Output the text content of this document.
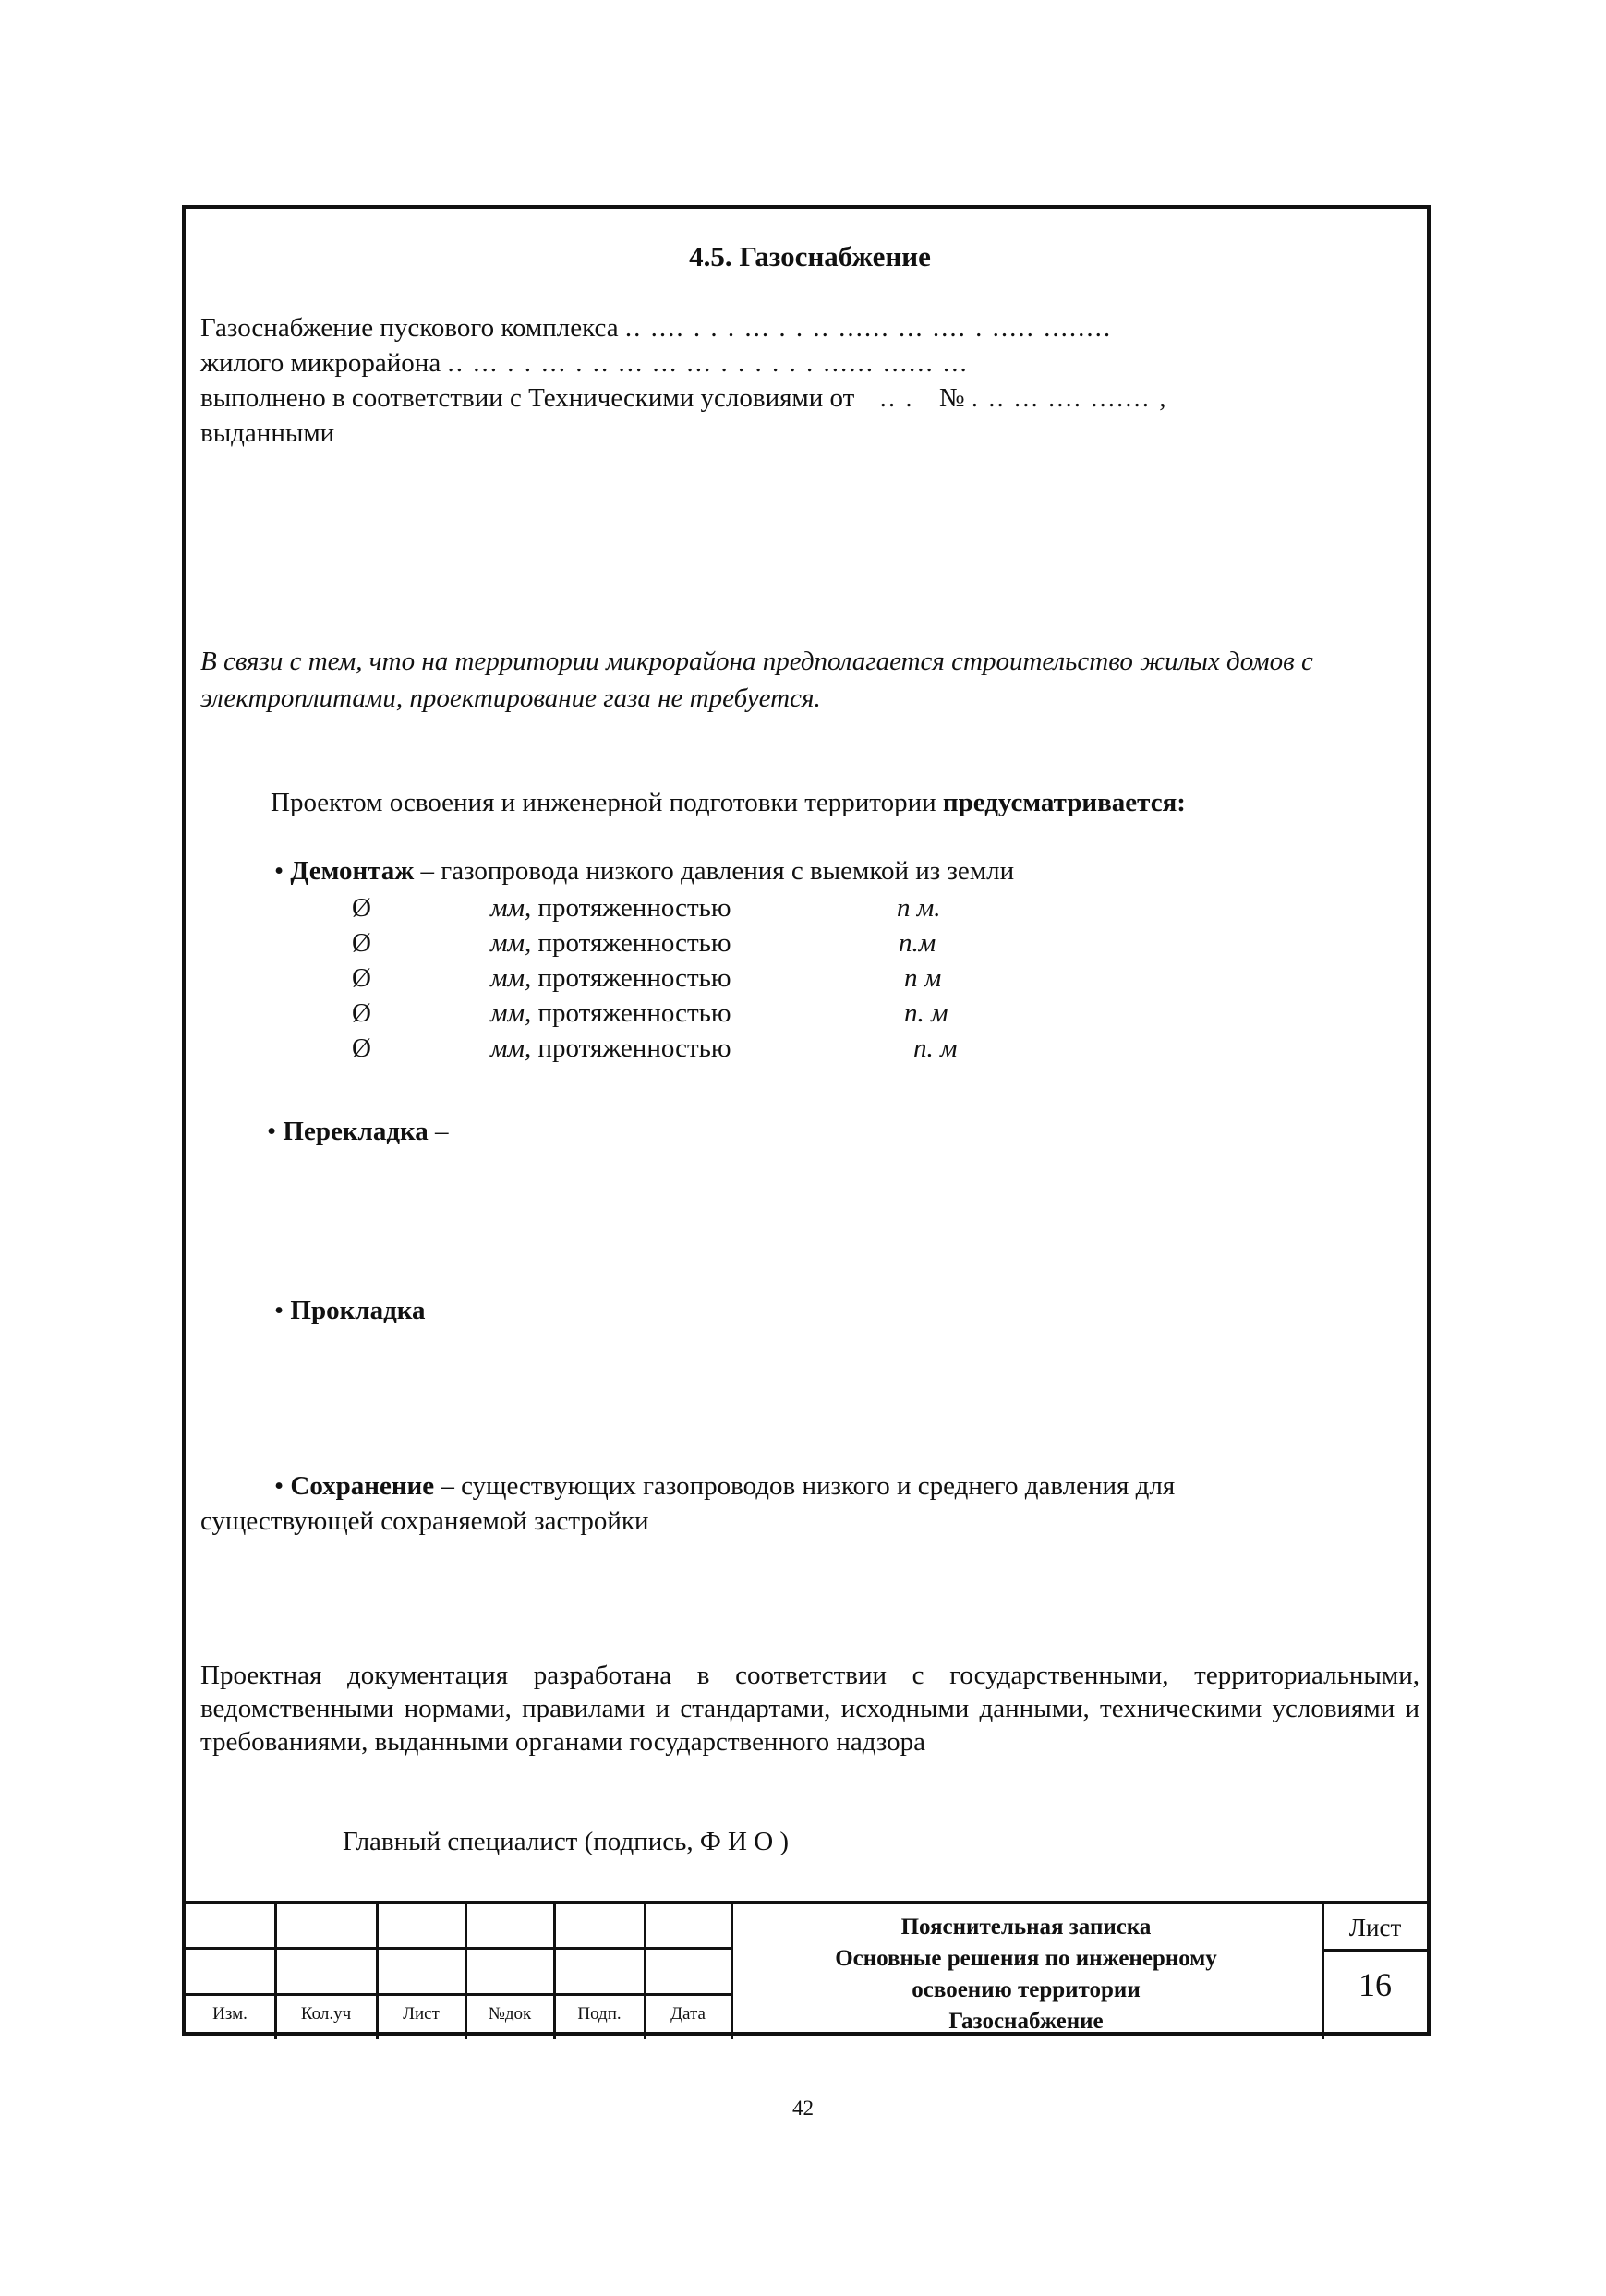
4.5. Газоснабжение
Газоснабжение пускового комплекса .. .... . . . ... . . .. ...... ... .... . ..... ........
жилого микрорайона .. ... . . ... . .. ... ... ... . . . . . . ...... ...... ...
выполнено в соответствии с Техническими условиями от .. . № . .. ... .... ....... ,
выданными
В связи с тем, что на территории микрорайона предполагается строительство жилых домов с электроплитами, проектирование газа не требуется.
Проектом освоения и инженерной подготовки территории предусматривается:
• Демонтаж – газопровода низкого давления с выемкой из земли
Ø	мм, протяженностью	п м.
Ø	мм, протяженностью	п.м
Ø	мм, протяженностью	п м
Ø	мм, протяженностью	п. м
Ø	мм, протяженностью	п. м
• Перекладка –
• Прокладка
• Сохранение – существующих газопроводов низкого и среднего давления для
существующей сохраняемой застройки
Проектная документация разработана в соответствии с государственными, территориальными, ведомственными нормами, правилами и стандартами, исходными данными, техническими условиями и требованиями, выданными органами государственного надзора
Главный специалист (подпись, Ф И О )
Изм.	Кол.уч	Лист	№док	Подп.	Дата
Пояснительная записка
Основные решения по инженерному
освоению территории
Газоснабжение
Лист
16
42
